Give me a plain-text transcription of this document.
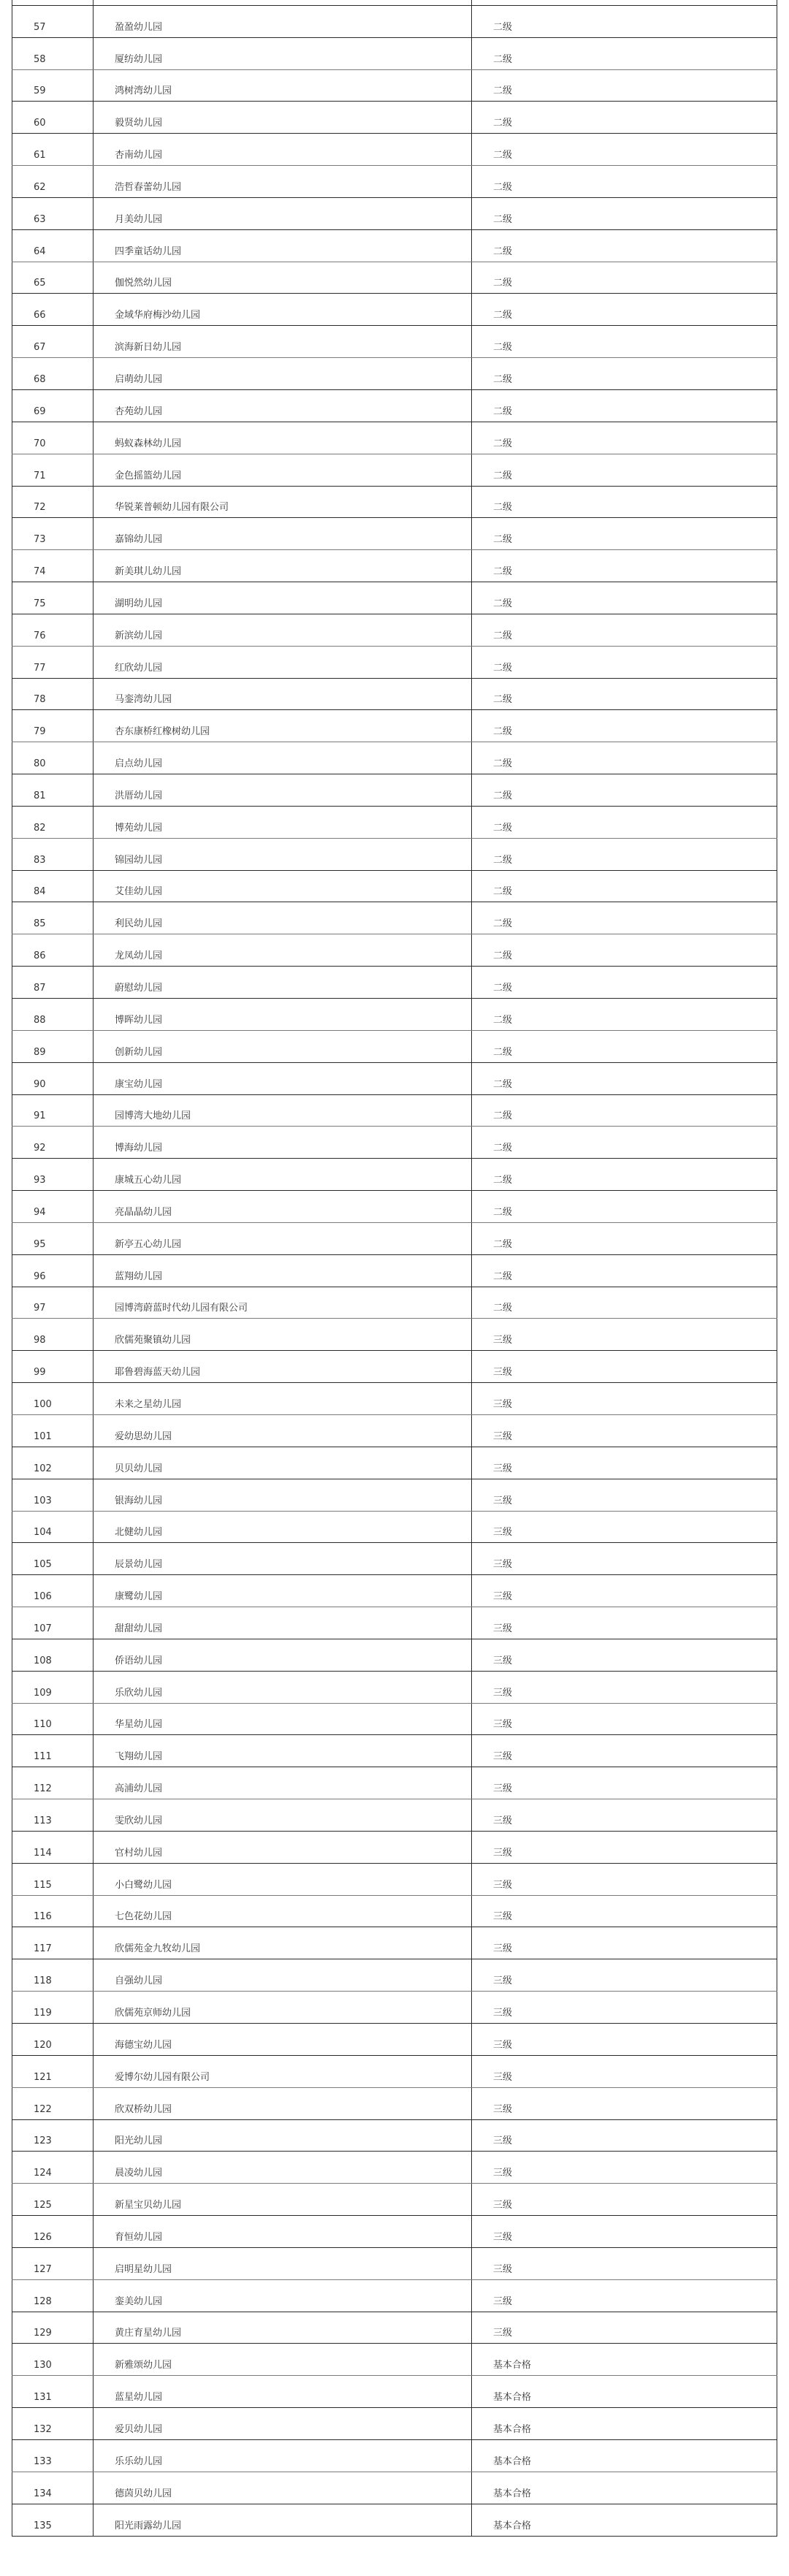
57	盈盈幼儿园	二级

58	厦纺幼儿园	二级

59	鸿树湾幼儿园	二级

60	毅贤幼儿园	二级

61	杏南幼儿园	二级

62	浩哲春蕾幼儿园	二级

63	月美幼儿园	二级

64	四季童话幼儿园	二级

65	伽悦然幼儿园	二级

66	金域华府梅沙幼儿园	二级

67	滨海新日幼儿园	二级

68	启萌幼儿园	二级

69	杏苑幼儿园	二级

70	蚂蚁森林幼儿园	二级

71	金色摇篮幼儿园	二级

72	华锐莱普顿幼儿园有限公司	二级

73	嘉锦幼儿园	二级

74	新美琪儿幼儿园	二级

75	湖明幼儿园	二级

76	新滨幼儿园	二级

77	红欣幼儿园	二级

78	马銮湾幼儿园	二级

79	杏东康桥红橡树幼儿园	二级

80	启点幼儿园	二级

81	洪厝幼儿园	二级

82	博苑幼儿园	二级

83	锦园幼儿园	二级

84	艾佳幼儿园	二级

85	利民幼儿园	二级

86	龙凤幼儿园	二级

87	蔚慰幼儿园	二级

88	博晖幼儿园	二级

89	创新幼儿园	二级

90	康宝幼儿园	二级

91	园博湾大地幼儿园	二级

92	博海幼儿园	二级

93	康城五心幼儿园	二级

94	亮晶晶幼儿园	二级

95	新亭五心幼儿园	二级

96	蓝翔幼儿园	二级

97	园博湾蔚蓝时代幼儿园有限公司	二级

98	欣儒苑聚镇幼儿园	三级

99	耶鲁碧海蓝天幼儿园	三级

100	未来之星幼儿园	三级

101	爱幼思幼儿园	三级

102	贝贝幼儿园	三级

103	银海幼儿园	三级

104	北健幼儿园	三级

105	辰景幼儿园	三级

106	康鹭幼儿园	三级

107	甜甜幼儿园	三级

108	侨语幼儿园	三级

109	乐欣幼儿园	三级

110	华星幼儿园	三级

111	飞翔幼儿园	三级

112	高浦幼儿园	三级

113	雯欣幼儿园	三级

114	官村幼儿园	三级

115	小白鹭幼儿园	三级

116	七色花幼儿园	三级

117	欣儒苑金九牧幼儿园	三级

118	自强幼儿园	三级

119	欣儒苑京师幼儿园	三级

120	海德宝幼儿园	三级

121	爱博尔幼儿园有限公司	三级

122	欣双桥幼儿园	三级

123	阳光幼儿园	三级

124	晨凌幼儿园	三级

125	新星宝贝幼儿园	三级

126	育恒幼儿园	三级

127	启明星幼儿园	三级

128	銮美幼儿园	三级

129	黄庄育星幼儿园	三级

130	新雅颂幼儿园	基本合格

131	蓝星幼儿园	基本合格

132	爱贝幼儿园	基本合格

133	乐乐幼儿园	基本合格

134	德茵贝幼儿园	基本合格

135	阳光雨露幼儿园	基本合格
